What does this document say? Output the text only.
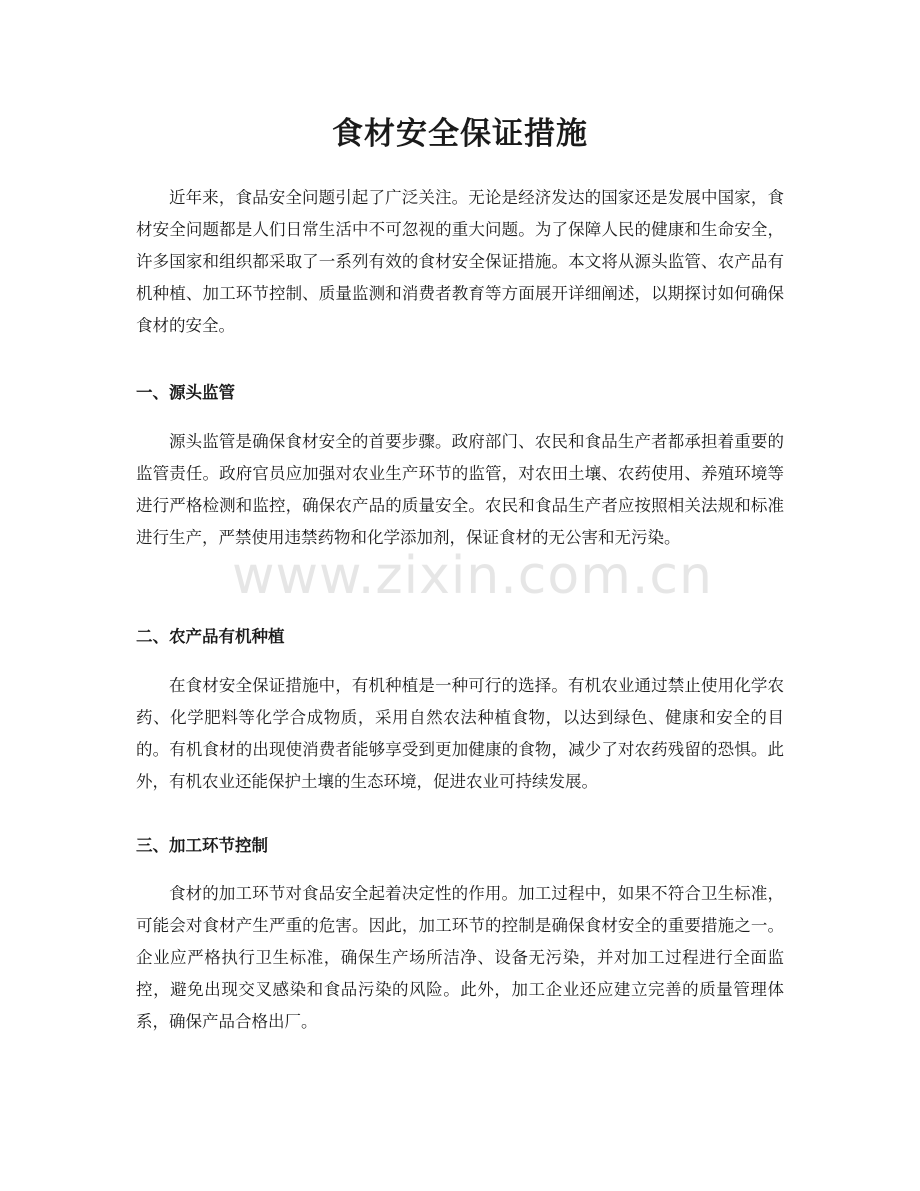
食材安全保证措施

近年来，食品安全问题引起了广泛关注。无论是经济发达的国家还是发展中国家，食材安全问题都是人们日常生活中不可忽视的重大问题。为了保障人民的健康和生命安全，许多国家和组织都采取了一系列有效的食材安全保证措施。本文将从源头监管、农产品有机种植、加工环节控制、质量监测和消费者教育等方面展开详细阐述，以期探讨如何确保食材的安全。

一、源头监管

源头监管是确保食材安全的首要步骤。政府部门、农民和食品生产者都承担着重要的监管责任。政府官员应加强对农业生产环节的监管，对农田土壤、农药使用、养殖环境等进行严格检测和监控，确保农产品的质量安全。农民和食品生产者应按照相关法规和标准进行生产，严禁使用违禁药物和化学添加剂，保证食材的无公害和无污染。

二、农产品有机种植

在食材安全保证措施中，有机种植是一种可行的选择。有机农业通过禁止使用化学农药、化学肥料等化学合成物质，采用自然农法种植食物，以达到绿色、健康和安全的目的。有机食材的出现使消费者能够享受到更加健康的食物，减少了对农药残留的恐惧。此外，有机农业还能保护土壤的生态环境，促进农业可持续发展。

三、加工环节控制

食材的加工环节对食品安全起着决定性的作用。加工过程中，如果不符合卫生标准，可能会对食材产生严重的危害。因此，加工环节的控制是确保食材安全的重要措施之一。企业应严格执行卫生标准，确保生产场所洁净、设备无污染，并对加工过程进行全面监控，避免出现交叉感染和食品污染的风险。此外，加工企业还应建立完善的质量管理体系，确保产品合格出厂。

www.zixin.com.cn
